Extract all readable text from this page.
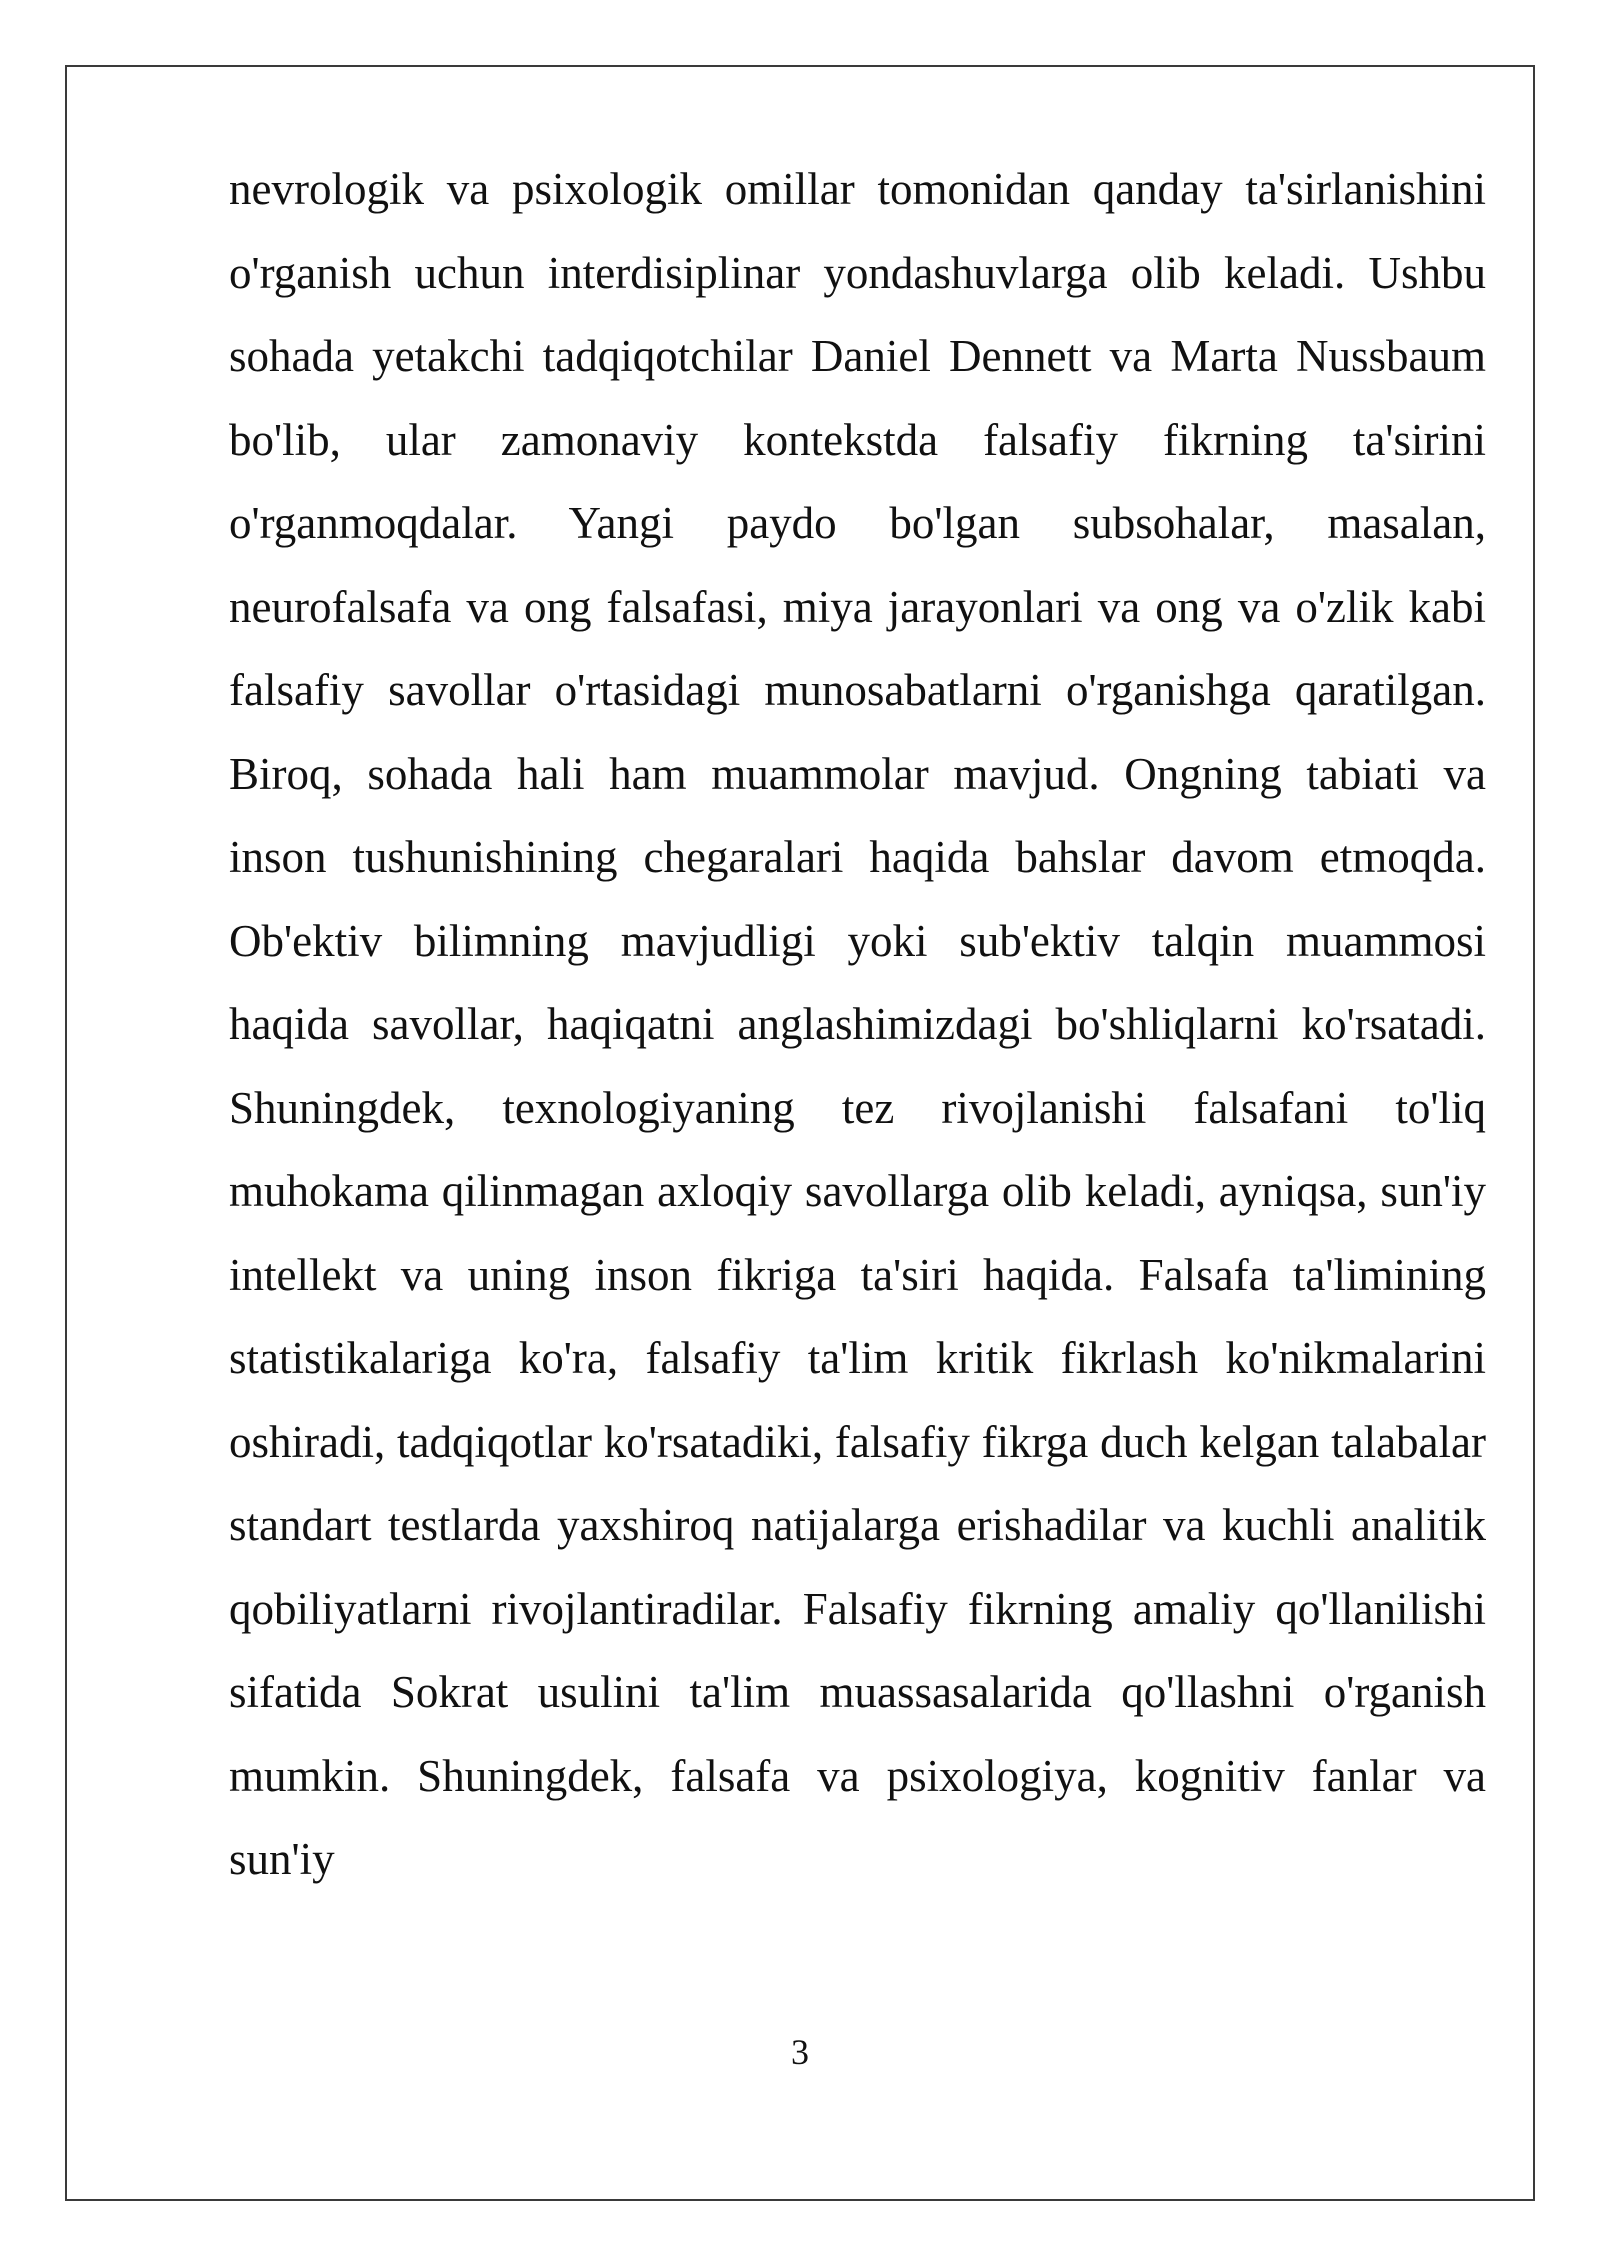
nevrologik va psixologik omillar tomonidan qanday ta'sirlanishini o'rganish uchun interdisiplinar yondashuvlarga olib keladi. Ushbu sohada yetakchi tadqiqotchilar Daniel Dennett va Marta Nussbaum bo'lib, ular zamonaviy kontekstda falsafiy fikrning ta'sirini o'rganmoqdalar. Yangi paydo bo'lgan subsohalar, masalan, neurofalsafa va ong falsafasi, miya jarayonlari va ong va o'zlik kabi falsafiy savollar o'rtasidagi munosabatlarni o'rganishga qaratilgan.

Biroq, sohada hali ham muammolar mavjud. Ongning tabiati va inson tushunishining chegaralari haqida bahslar davom etmoqda. Ob'ektiv bilimning mavjudligi yoki sub'ektiv talqin muammosi haqida savollar, haqiqatni anglashimizdagi bo'shliqlarni ko'rsatadi. Shuningdek, texnologiyaning tez rivojlanishi falsafani to'liq muhokama qilinmagan axloqiy savollarga olib keladi, ayniqsa, sun'iy intellekt va uning inson fikriga ta'siri haqida. Falsafa ta'limining statistikalariga ko'ra, falsafiy ta'lim kritik fikrlash ko'nikmalarini oshiradi, tadqiqotlar ko'rsatadiki, falsafiy fikrga duch kelgan talabalar standart testlarda yaxshiroq natijalarga erishadilar va kuchli analitik qobiliyatlarni rivojlantiradilar. Falsafiy fikrning amaliy qo'llanilishi sifatida Sokrat usulini ta'lim muassasalarida qo'llashni o'rganish mumkin. Shuningdek, falsafa va psixologiya, kognitiv fanlar va sun'iy

3
